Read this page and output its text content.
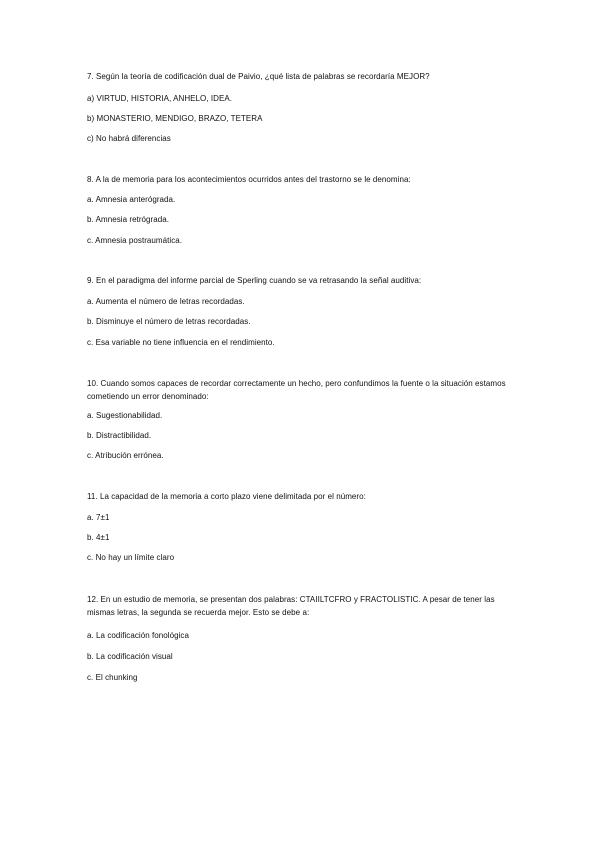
7. Según la teoría de codificación dual de Paivio, ¿qué lista de palabras se recordaría MEJOR?
a) VIRTUD, HISTORIA, ANHELO, IDEA.
b) MONASTERIO, MENDIGO, BRAZO, TETERA
c) No habrá diferencias
8. A la de memoria para los acontecimientos ocurridos antes del trastorno se le denomina:
a. Amnesia anterógrada.
b. Amnesia retrógrada.
c. Amnesia postraumática.
9. En el paradigma del informe parcial de Sperling cuando se va retrasando la señal auditiva:
a. Aumenta el número de letras recordadas.
b. Disminuye el número de letras recordadas.
c. Esa variable no tiene influencia en el rendimiento.
10. Cuando somos capaces de recordar correctamente un hecho, pero confundimos la fuente o la situación estamos cometiendo un error denominado:
a. Sugestionabilidad.
b. Distractibilidad.
c. Atribución errónea.
11. La capacidad de la memoria a corto plazo viene delimitada por el número:
a. 7±1
b. 4±1
c. No hay un límite claro
12. En un estudio de memoria, se presentan dos palabras: CTAIILTCFRO y FRACTOLISTIC. A pesar de tener las mismas letras, la segunda se recuerda mejor. Esto se debe a:
a. La codificación fonológica
b. La codificación visual
c. El chunking
